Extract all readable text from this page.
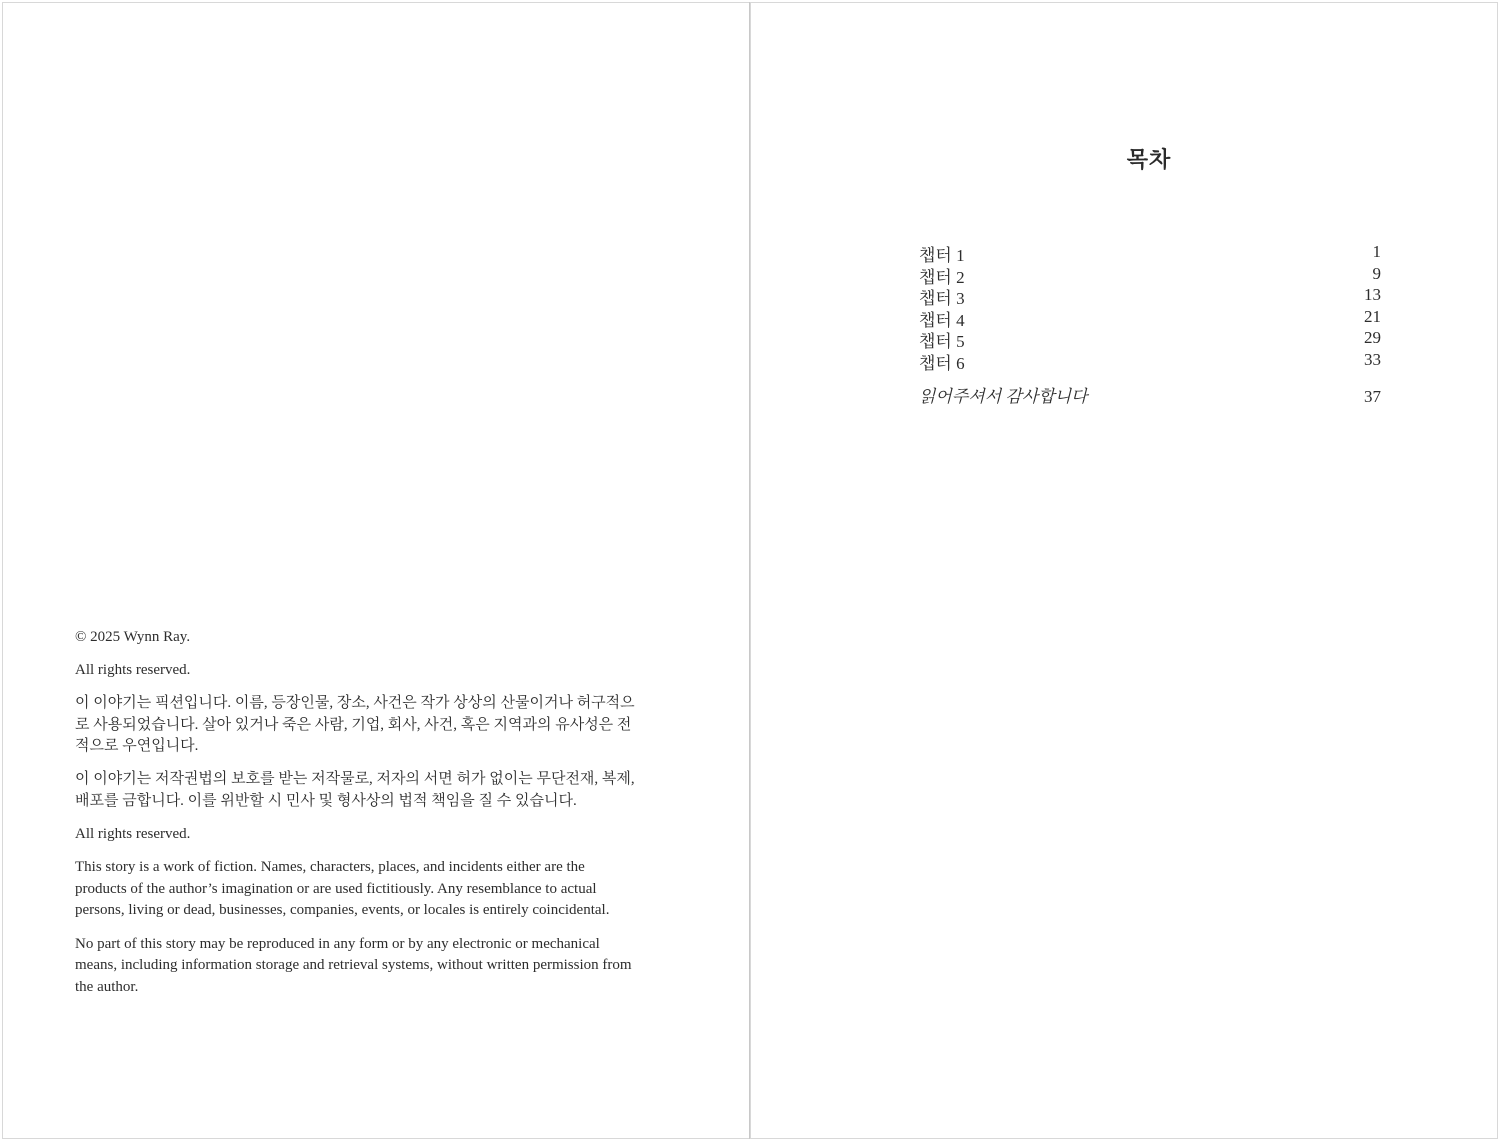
© 2025 Wynn Ray.

All rights reserved.

이 이야기는 픽션입니다. 이름, 등장인물, 장소, 사건은 작가 상상의 산물이거나 허구적으로 사용되었습니다. 살아 있거나 죽은 사람, 기업, 회사, 사건, 혹은 지역과의 유사성은 전적으로 우연입니다.

이 이야기는 저작권법의 보호를 받는 저작물로, 저자의 서면 허가 없이는 무단전재, 복제, 배포를 금합니다. 이를 위반할 시 민사 및 형사상의 법적 책임을 질 수 있습니다.

All rights reserved.

This story is a work of fiction. Names, characters, places, and incidents either are the products of the author’s imagination or are used fictitiously. Any resemblance to actual persons, living or dead, businesses, companies, events, or locales is entirely coincidental.

No part of this story may be reproduced in any form or by any electronic or mechanical means, including information storage and retrieval systems, without written permission from the author.

목차
챕터 1	1
챕터 2	9
챕터 3	13
챕터 4	21
챕터 5	29
챕터 6	33
읽어주셔서 감사합니다	37
